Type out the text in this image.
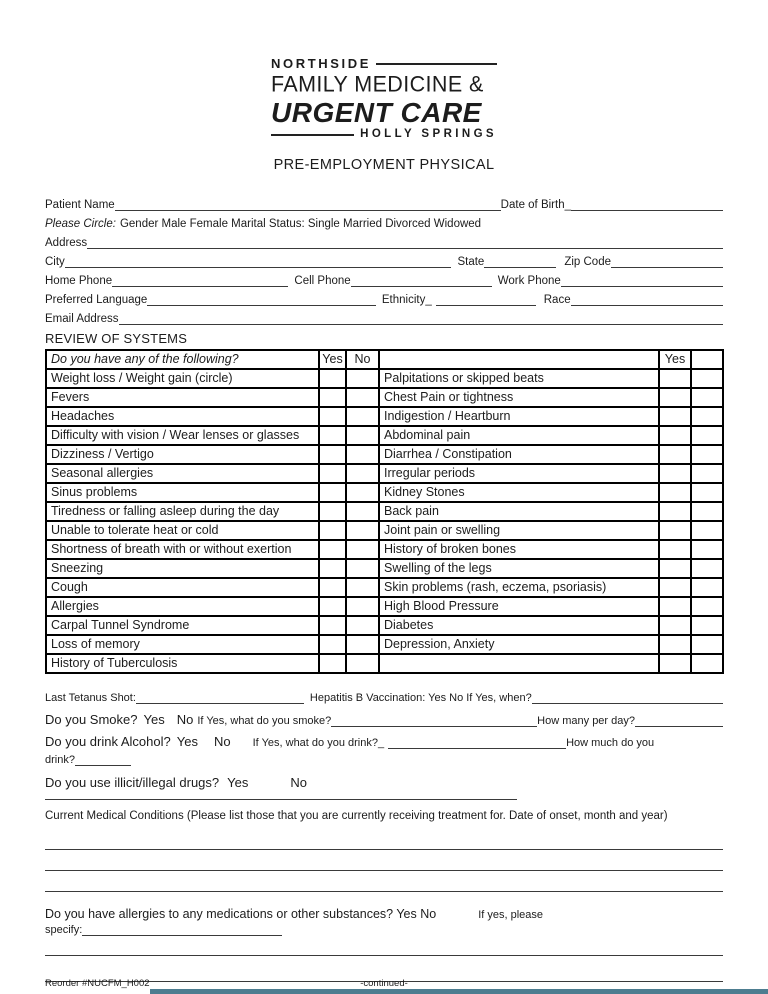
NORTHSIDE
FAMILY MEDICINE &
URGENT CARE
HOLLY SPRINGS
PRE-EMPLOYMENT PHYSICAL
Patient Name	Date of Birth_
Please Circle: Gender Male Female Marital Status: Single Married Divorced Widowed
Address
City	State	Zip Code
Home Phone	Cell Phone	Work Phone
Preferred Language	Ethnicity_	Race
Email Address
REVIEW OF SYSTEMS
Do you have any of the following?	Yes	No		Yes	
Weight loss / Weight gain (circle)			Palpitations or skipped beats		
Fevers			Chest Pain or tightness		
Headaches			Indigestion / Heartburn		
Difficulty with vision / Wear lenses or glasses			Abdominal pain		
Dizziness / Vertigo			Diarrhea / Constipation		
Seasonal allergies			Irregular periods		
Sinus problems			Kidney Stones		
Tiredness or falling asleep during the day			Back pain		
Unable to tolerate heat or cold			Joint pain or swelling		
Shortness of breath with or without exertion			History of broken bones		
Sneezing			Swelling of the legs		
Cough			Skin problems (rash, eczema, psoriasis)		
Allergies			High Blood Pressure		
Carpal Tunnel Syndrome			Diabetes		
Loss of memory			Depression, Anxiety		
History of Tuberculosis					
Last Tetanus Shot:	Hepatitis B Vaccination: Yes No If Yes, when?
Do you Smoke? Yes No If Yes, what do you smoke?	How many per day?
Do you drink Alcohol? Yes No If Yes, what do you drink?_	How much do you
drink?
Do you use illicit/illegal drugs? Yes	No
Current Medical Conditions (Please list those that you are currently receiving treatment for. Date of onset, month and year)
Do you have allergies to any medications or other substances? Yes No	If yes, please
specify:
Reorder #NUCFM_H002	-continued-
